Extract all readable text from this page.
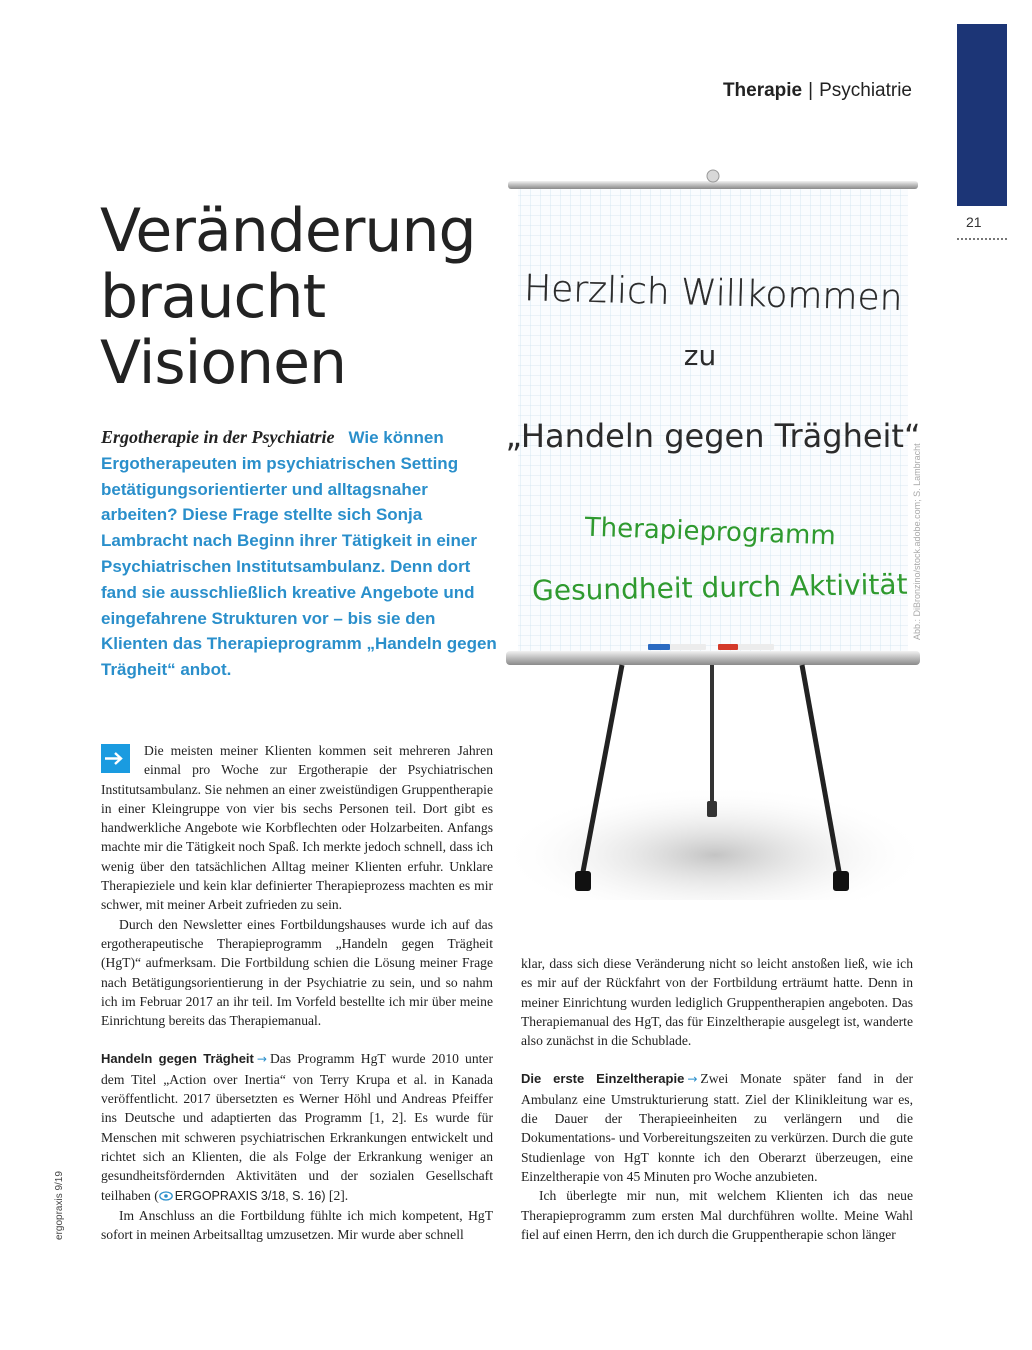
21
Therapie | Psychiatrie
Veränderung
braucht
Visionen
Ergotherapie in der Psychiatrie Wie können Ergotherapeuten im psychiatrischen Setting betätigungsorientierter und alltagsnaher arbeiten? Diese Frage stellte sich Sonja Lambracht nach Beginn ihrer Tätigkeit in einer Psychiatrischen Institutsambulanz. Denn dort fand sie ausschließlich kreative Angebote und eingefahrene Strukturen vor – bis sie den Klienten das Therapieprogramm „Handeln gegen Trägheit“ anbot.
Herzlich Willkommen
zu
„Handeln gegen Trägheit“
Therapieprogramm
Gesundheit durch Aktivität Abb.: DiBronzino/stock.adobe.com; S. Lambracht

Die meisten meiner Klienten kommen seit mehreren Jahren einmal pro Woche zur Ergotherapie der Psychiatrischen Institutsambulanz. Sie nehmen an einer zweistündigen Gruppentherapie in einer Kleingruppe von vier bis sechs Personen teil. Dort gibt es handwerkliche Angebote wie Korbflechten oder Holzarbeiten. Anfangs machte mir die Tätigkeit noch Spaß. Ich merkte jedoch schnell, dass ich wenig über den tatsächlichen Alltag meiner Klienten erfuhr. Unklare Therapieziele und kein klar definierter Therapieprozess machten es mir schwer, mit meiner Arbeit zufrieden zu sein.

Durch den Newsletter eines Fortbildungshauses wurde ich auf das ergotherapeutische Therapieprogramm „Handeln gegen Trägheit (HgT)“ aufmerksam. Die Fortbildung schien die Lösung meiner Frage nach Betätigungsorientierung in der Psychiatrie zu sein, und so nahm ich im Februar 2017 an ihr teil. Im Vorfeld bestellte ich mir über meine Einrichtung bereits das Therapiemanual.

Handeln gegen Trägheit → Das Programm HgT wurde 2010 unter dem Titel „Action over Inertia“ von Terry Krupa et al. in Kanada veröffentlicht. 2017 übersetzten es Werner Höhl und Andreas Pfeiffer ins Deutsche und adaptierten das Programm [1, 2]. Es wurde für Menschen mit schweren psychiatrischen Erkrankungen entwickelt und richtet sich an Klienten, die als Folge der Erkrankung weniger an gesundheitsfördernden Aktivitäten und der sozialen Gesellschaft teilhaben ( ERGOPRAXIS 3/18, S. 16) [2].

Im Anschluss an die Fortbildung fühlte ich mich kompetent, HgT sofort in meinen Arbeitsalltag umzusetzen. Mir wurde aber schnell

klar, dass sich diese Veränderung nicht so leicht anstoßen ließ, wie ich es mir auf der Rückfahrt von der Fortbildung erträumt hatte. Denn in meiner Einrichtung wurden lediglich Gruppentherapien angeboten. Das Therapiemanual des HgT, das für Einzeltherapie ausgelegt ist, wanderte also zunächst in die Schublade.

Die erste Einzeltherapie → Zwei Monate später fand in der Ambulanz eine Umstrukturierung statt. Ziel der Klinikleitung war es, die Dauer der Therapieeinheiten zu verlängern und die Dokumentations- und Vorbereitungszeiten zu verkürzen. Durch die gute Studienlage von HgT konnte ich den Oberarzt überzeugen, eine Einzeltherapie von 45 Minuten pro Woche anzubieten.

Ich überlegte mir nun, mit welchem Klienten ich das neue Therapieprogramm zum ersten Mal durchführen wollte. Meine Wahl fiel auf einen Herrn, den ich durch die Gruppentherapie schon länger

ergopraxis 9/19
